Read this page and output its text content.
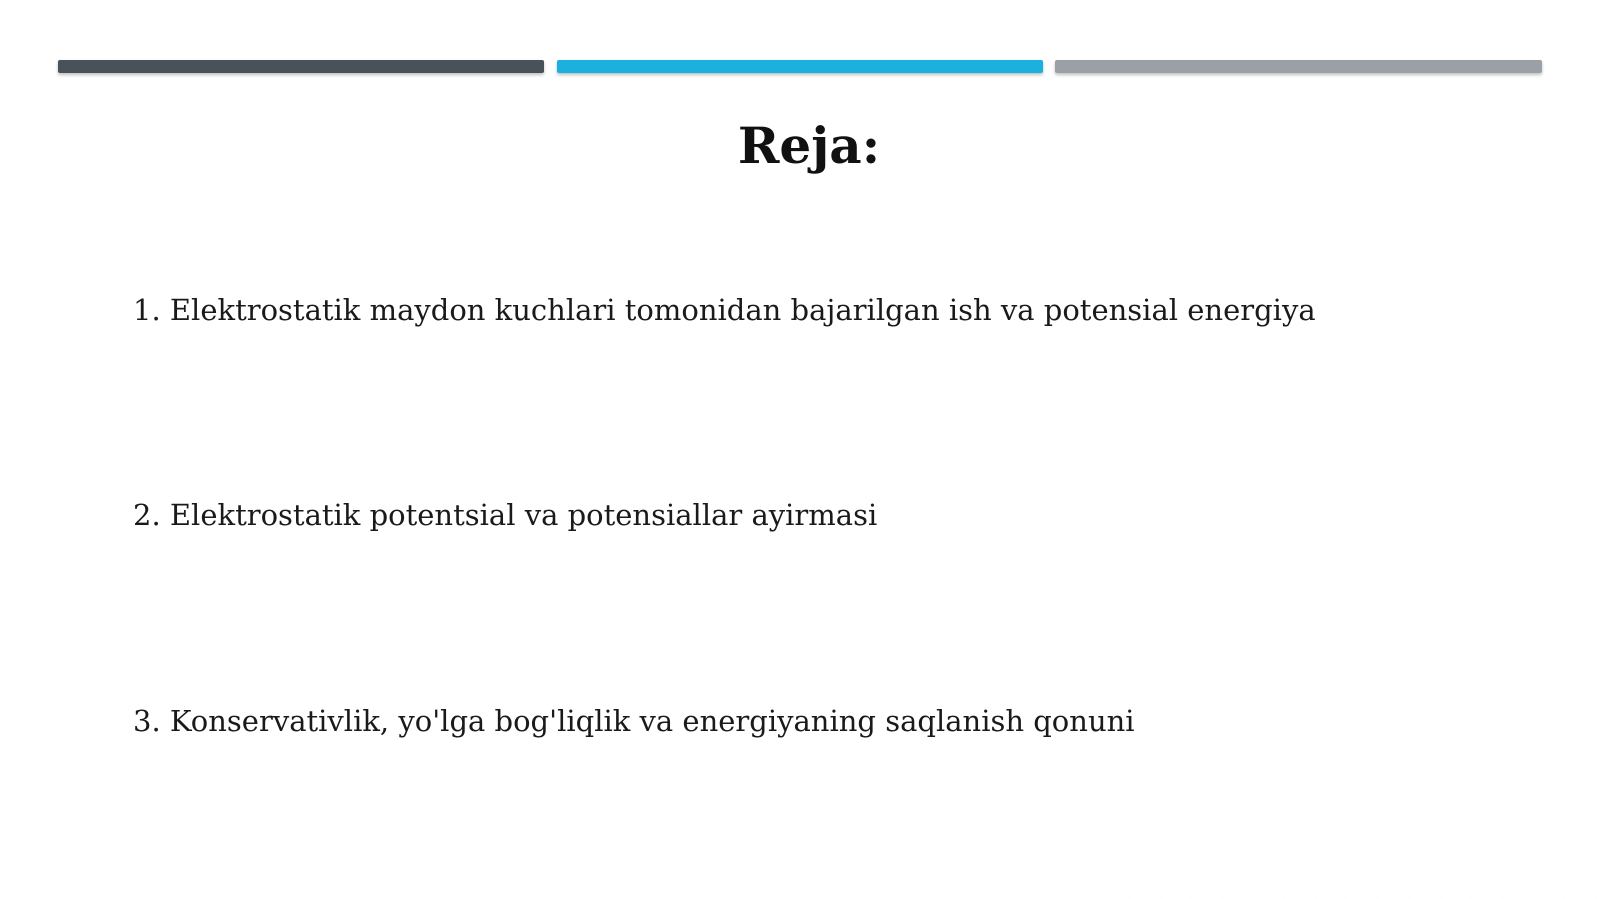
Reja:
1. Elektrostatik maydon kuchlari tomonidan bajarilgan ish va potensial energiya
2. Elektrostatik potentsial va potensiallar ayirmasi
3. Konservativlik, yo'lga bog'liqlik va energiyaning saqlanish qonuni
